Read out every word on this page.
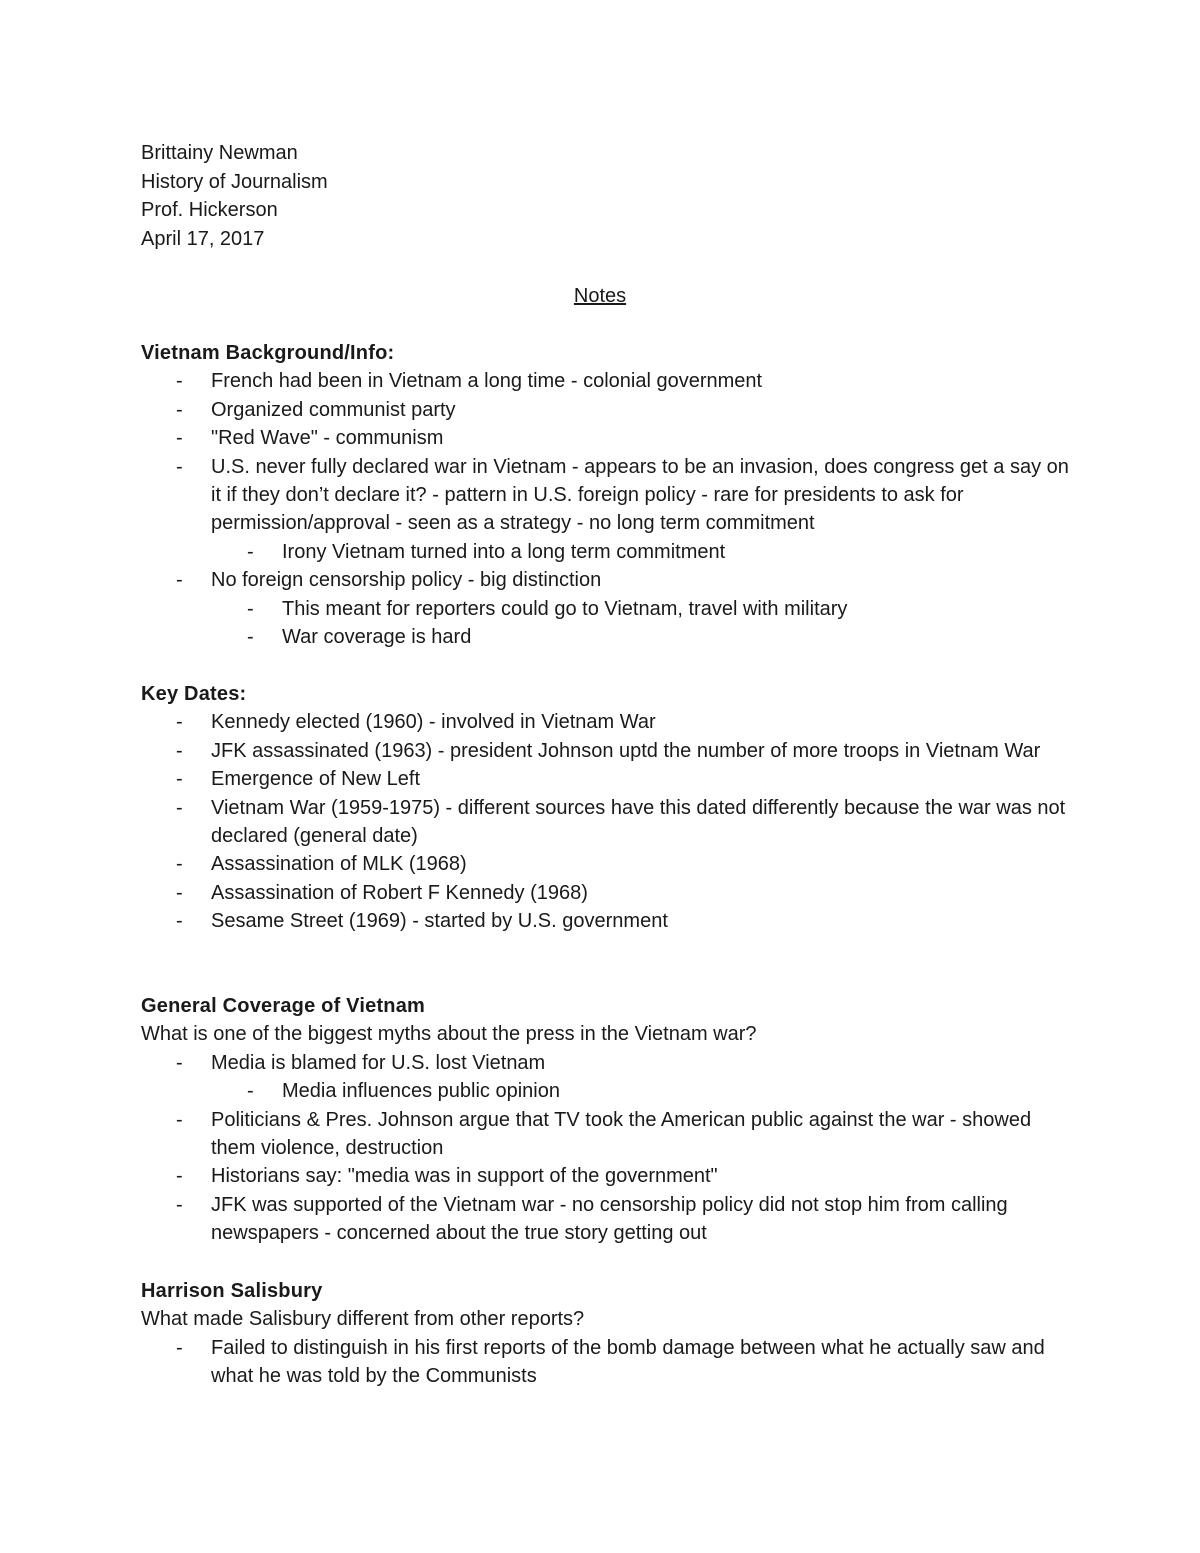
Brittainy Newman
History of Journalism
Prof. Hickerson
April 17, 2017
Notes
Vietnam Background/Info:
- French had been in Vietnam a long time - colonial government
- Organized communist party
- "Red Wave" - communism
- U.S. never fully declared war in Vietnam - appears to be an invasion, does congress get a say on it if they don’t declare it? - pattern in U.S. foreign policy - rare for presidents to ask for permission/approval - seen as a strategy - no long term commitment
- Irony Vietnam turned into a long term commitment
- No foreign censorship policy - big distinction
- This meant for reporters could go to Vietnam, travel with military
- War coverage is hard
Key Dates:
- Kennedy elected (1960) - involved in Vietnam War
- JFK assassinated (1963) - president Johnson uptd the number of more troops in Vietnam War
- Emergence of New Left
- Vietnam War (1959-1975) - different sources have this dated differently because the war was not declared (general date)
- Assassination of MLK (1968)
- Assassination of Robert F Kennedy (1968)
- Sesame Street (1969) - started by U.S. government
General Coverage of Vietnam
What is one of the biggest myths about the press in the Vietnam war?
- Media is blamed for U.S. lost Vietnam
- Media influences public opinion
- Politicians & Pres. Johnson argue that TV took the American public against the war - showed them violence, destruction
- Historians say: "media was in support of the government"
- JFK was supported of the Vietnam war - no censorship policy did not stop him from calling newspapers - concerned about the true story getting out
Harrison Salisbury
What made Salisbury different from other reports?
- Failed to distinguish in his first reports of the bomb damage between what he actually saw and what he was told by the Communists
